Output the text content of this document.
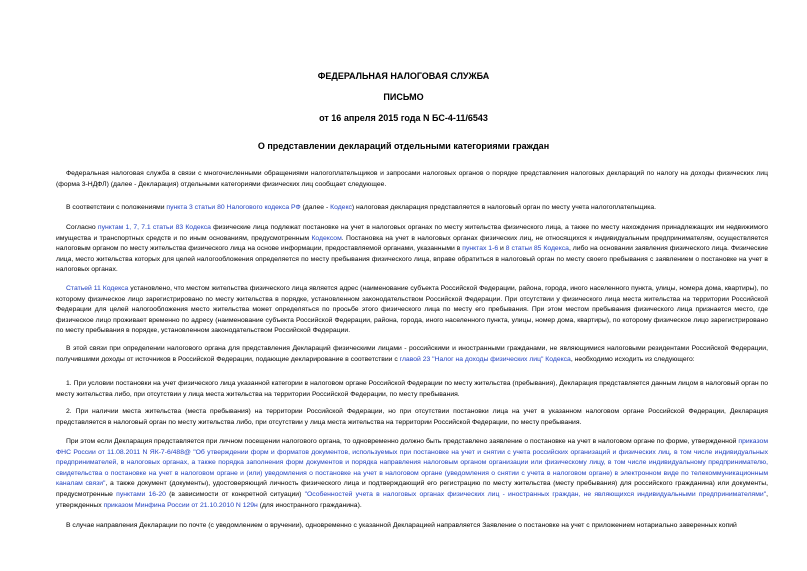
ФЕДЕРАЛЬНАЯ НАЛОГОВАЯ СЛУЖБА

ПИСЬМО

от 16 апреля 2015 года N БС-4-11/6543

О представлении деклараций отдельными категориями граждан

Федеральная налоговая служба в связи с многочисленными обращениями налогоплательщиков и запросами налоговых органов о порядке представления налоговых деклараций по налогу на доходы физических лиц (форма 3-НДФЛ) (далее - Декларация) отдельными категориями физических лиц сообщает следующее.

В соответствии с положениями пункта 3 статьи 80 Налогового кодекса РФ (далее - Кодекс) налоговая декларация представляется в налоговый орган по месту учета налогоплательщика.

Согласно пунктам 1, 7, 7.1 статьи 83 Кодекса физические лица подлежат постановке на учет в налоговых органах по месту жительства физического лица, а также по месту нахождения принадлежащих им недвижимого имущества и транспортных средств и по иным основаниям, предусмотренным Кодексом. Постановка на учет в налоговых органах физических лиц, не относящихся к индивидуальным предпринимателям, осуществляется налоговым органом по месту жительства физического лица на основе информации, предоставляемой органами, указанными в пунктах 1-6 и 8 статьи 85 Кодекса, либо на основании заявления физического лица. Физические лица, место жительства которых для целей налогообложения определяется по месту пребывания физического лица, вправе обратиться в налоговый орган по месту своего пребывания с заявлением о постановке на учет в налоговых органах.

Статьей 11 Кодекса установлено, что местом жительства физического лица является адрес (наименование субъекта Российской Федерации, района, города, иного населенного пункта, улицы, номера дома, квартиры), по которому физическое лицо зарегистрировано по месту жительства в порядке, установленном законодательством Российской Федерации. При отсутствии у физического лица места жительства на территории Российской Федерации для целей налогообложения место жительства может определяться по просьбе этого физического лица по месту его пребывания. При этом местом пребывания физического лица признается место, где физическое лицо проживает временно по адресу (наименование субъекта Российской Федерации, района, города, иного населенного пункта, улицы, номер дома, квартиры), по которому физическое лицо зарегистрировано по месту пребывания в порядке, установленном законодательством Российской Федерации.

В этой связи при определении налогового органа для представления Деклараций физическими лицами - российскими и иностранными гражданами, не являющимися налоговыми резидентами Российской Федерации, получившими доходы от источников в Российской Федерации, подающие декларирование в соответствии с главой 23 "Налог на доходы физических лиц" Кодекса, необходимо исходить из следующего:

1. При условии постановки на учет физического лица указанной категории в налоговом органе Российской Федерации по месту жительства (пребывания), Декларация представляется данным лицом в налоговый орган по месту жительства либо, при отсутствии у лица места жительства на территории Российской Федерации, по месту пребывания.

2. При наличии места жительства (места пребывания) на территории Российской Федерации, но при отсутствии постановки лица на учет в указанном налоговом органе Российской Федерации, Декларация представляется в налоговый орган по месту жительства либо, при отсутствии у лица места жительства на территории Российской Федерации, по месту пребывания.

При этом если Декларация представляется при личном посещении налогового органа, то одновременно должно быть представлено заявление о постановке на учет в налоговом органе по форме, утвержденной приказом ФНС России от 11.08.2011 N ЯК-7-6/488@ "Об утверждении форм и форматов документов, используемых при постановке на учет и снятии с учета российских организаций и физических лиц, в том числе индивидуальных предпринимателей, в налоговых органах, а также порядка заполнения форм документов и порядка направления налоговым органом организации или физическому лицу, в том числе индивидуальному предпринимателю, свидетельства о постановке на учет в налоговом органе и (или) уведомления о постановке на учет в налоговом органе (уведомления о снятии с учета в налоговом органе) в электронном виде по телекоммуникационным каналам связи", а также документ (документы), удостоверяющий личность физического лица и подтверждающий его регистрацию по месту жительства (месту пребывания) для российского гражданина) или документы, предусмотренные пунктами 16-20 (в зависимости от конкретной ситуации) "Особенностей учета в налоговых органах физических лиц - иностранных граждан, не являющихся индивидуальными предпринимателями", утвержденных приказом Минфина России от 21.10.2010 N 129н (для иностранного гражданина).

В случае направления Декларации по почте (с уведомлением о вручении), одновременно с указанной Декларацией направляется Заявление о постановке на учет с приложением нотариально заверенных копий
